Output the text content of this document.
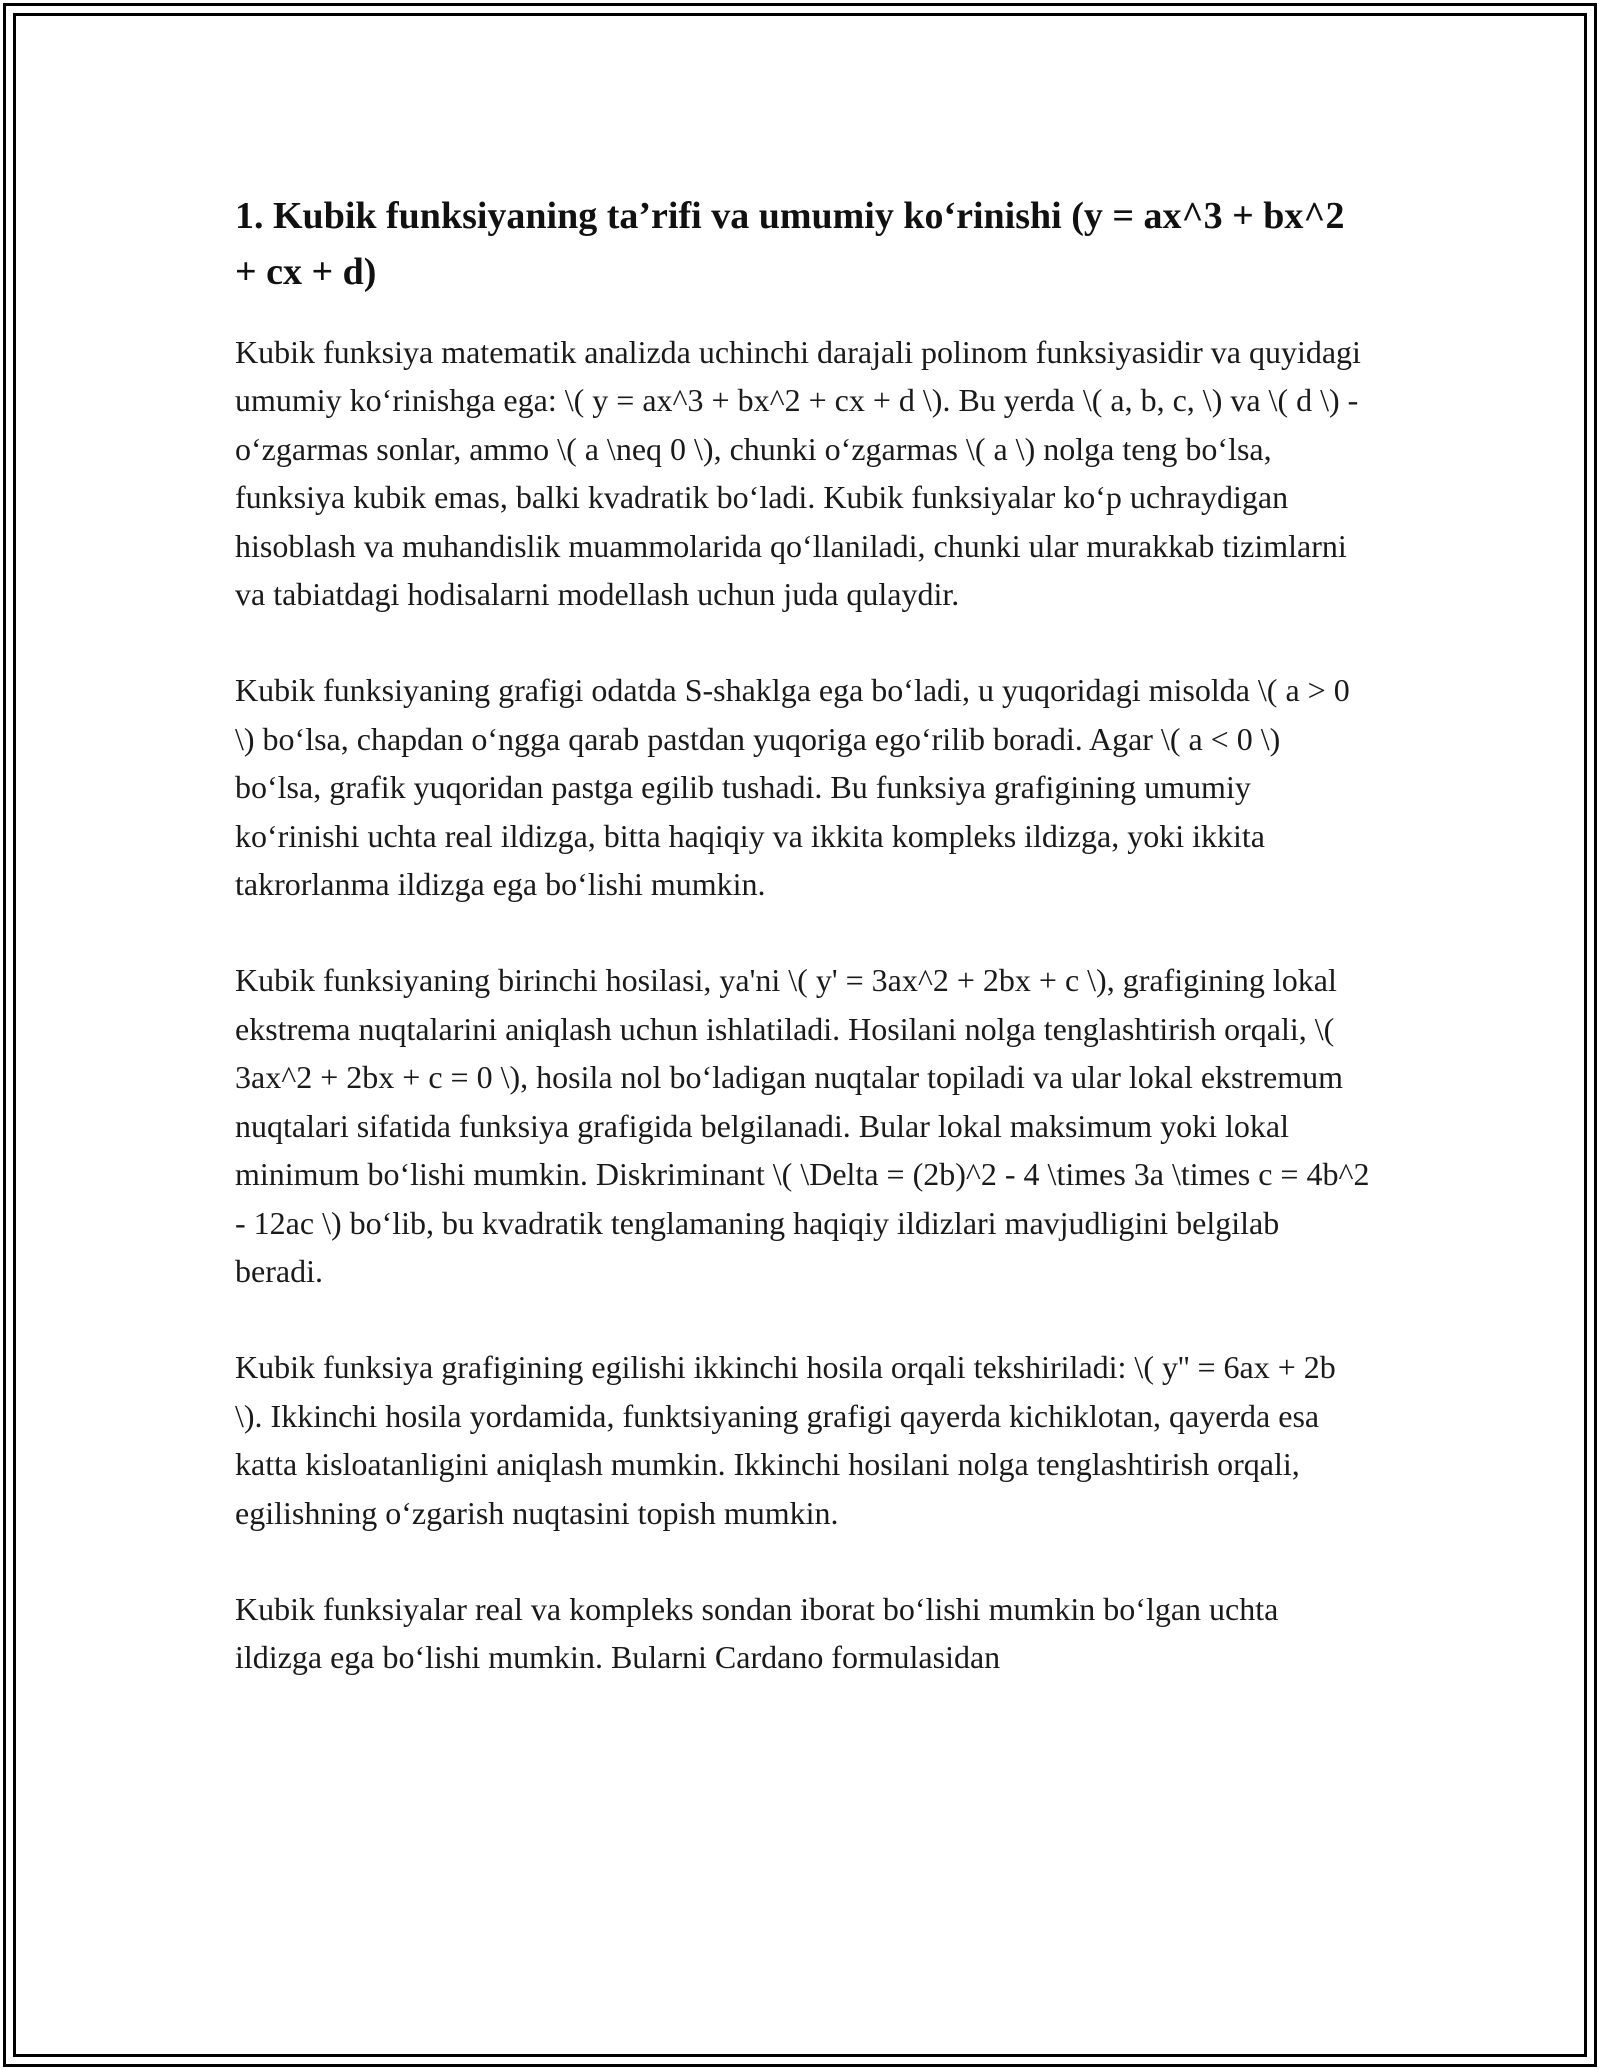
1. Kubik funksiyaning ta’rifi va umumiy ko‘rinishi (y = ax^3 + bx^2 + cx + d)

Kubik funksiya matematik analizda uchinchi darajali polinom funksiyasidir va quyidagi umumiy ko‘rinishga ega: \( y = ax^3 + bx^2 + cx + d \). Bu yerda \( a, b, c, \) va \( d \) - o‘zgarmas sonlar, ammo \( a \neq 0 \), chunki o‘zgarmas \( a \) nolga teng bo‘lsa, funksiya kubik emas, balki kvadratik bo‘ladi. Kubik funksiyalar ko‘p uchraydigan hisoblash va muhandislik muammolarida qo‘llaniladi, chunki ular murakkab tizimlarni va tabiatdagi hodisalarni modellash uchun juda qulaydir.

Kubik funksiyaning grafigi odatda S-shaklga ega bo‘ladi, u yuqoridagi misolda \( a > 0 \) bo‘lsa, chapdan o‘ngga qarab pastdan yuqoriga ego‘rilib boradi. Agar \( a < 0 \) bo‘lsa, grafik yuqoridan pastga egilib tushadi. Bu funksiya grafigining umumiy ko‘rinishi uchta real ildizga, bitta haqiqiy va ikkita kompleks ildizga, yoki ikkita takrorlanma ildizga ega bo‘lishi mumkin.

Kubik funksiyaning birinchi hosilasi, ya'ni \( y' = 3ax^2 + 2bx + c \), grafigining lokal ekstrema nuqtalarini aniqlash uchun ishlatiladi. Hosilani nolga tenglashtirish orqali, \( 3ax^2 + 2bx + c = 0 \), hosila nol bo‘ladigan nuqtalar topiladi va ular lokal ekstremum nuqtalari sifatida funksiya grafigida belgilanadi. Bular lokal maksimum yoki lokal minimum bo‘lishi mumkin. Diskriminant \( \Delta = (2b)^2 - 4 \times 3a \times c = 4b^2 - 12ac \) bo‘lib, bu kvadratik tenglamaning haqiqiy ildizlari mavjudligini belgilab beradi.

Kubik funksiya grafigining egilishi ikkinchi hosila orqali tekshiriladi: \( y'' = 6ax + 2b \). Ikkinchi hosila yordamida, funktsiyaning grafigi qayerda kichiklotan, qayerda esa katta kisloatanligini aniqlash mumkin. Ikkinchi hosilani nolga tenglashtirish orqali, egilishning o‘zgarish nuqtasini topish mumkin.

Kubik funksiyalar real va kompleks sondan iborat bo‘lishi mumkin bo‘lgan uchta ildizga ega bo‘lishi mumkin. Bularni Cardano formulasidan
